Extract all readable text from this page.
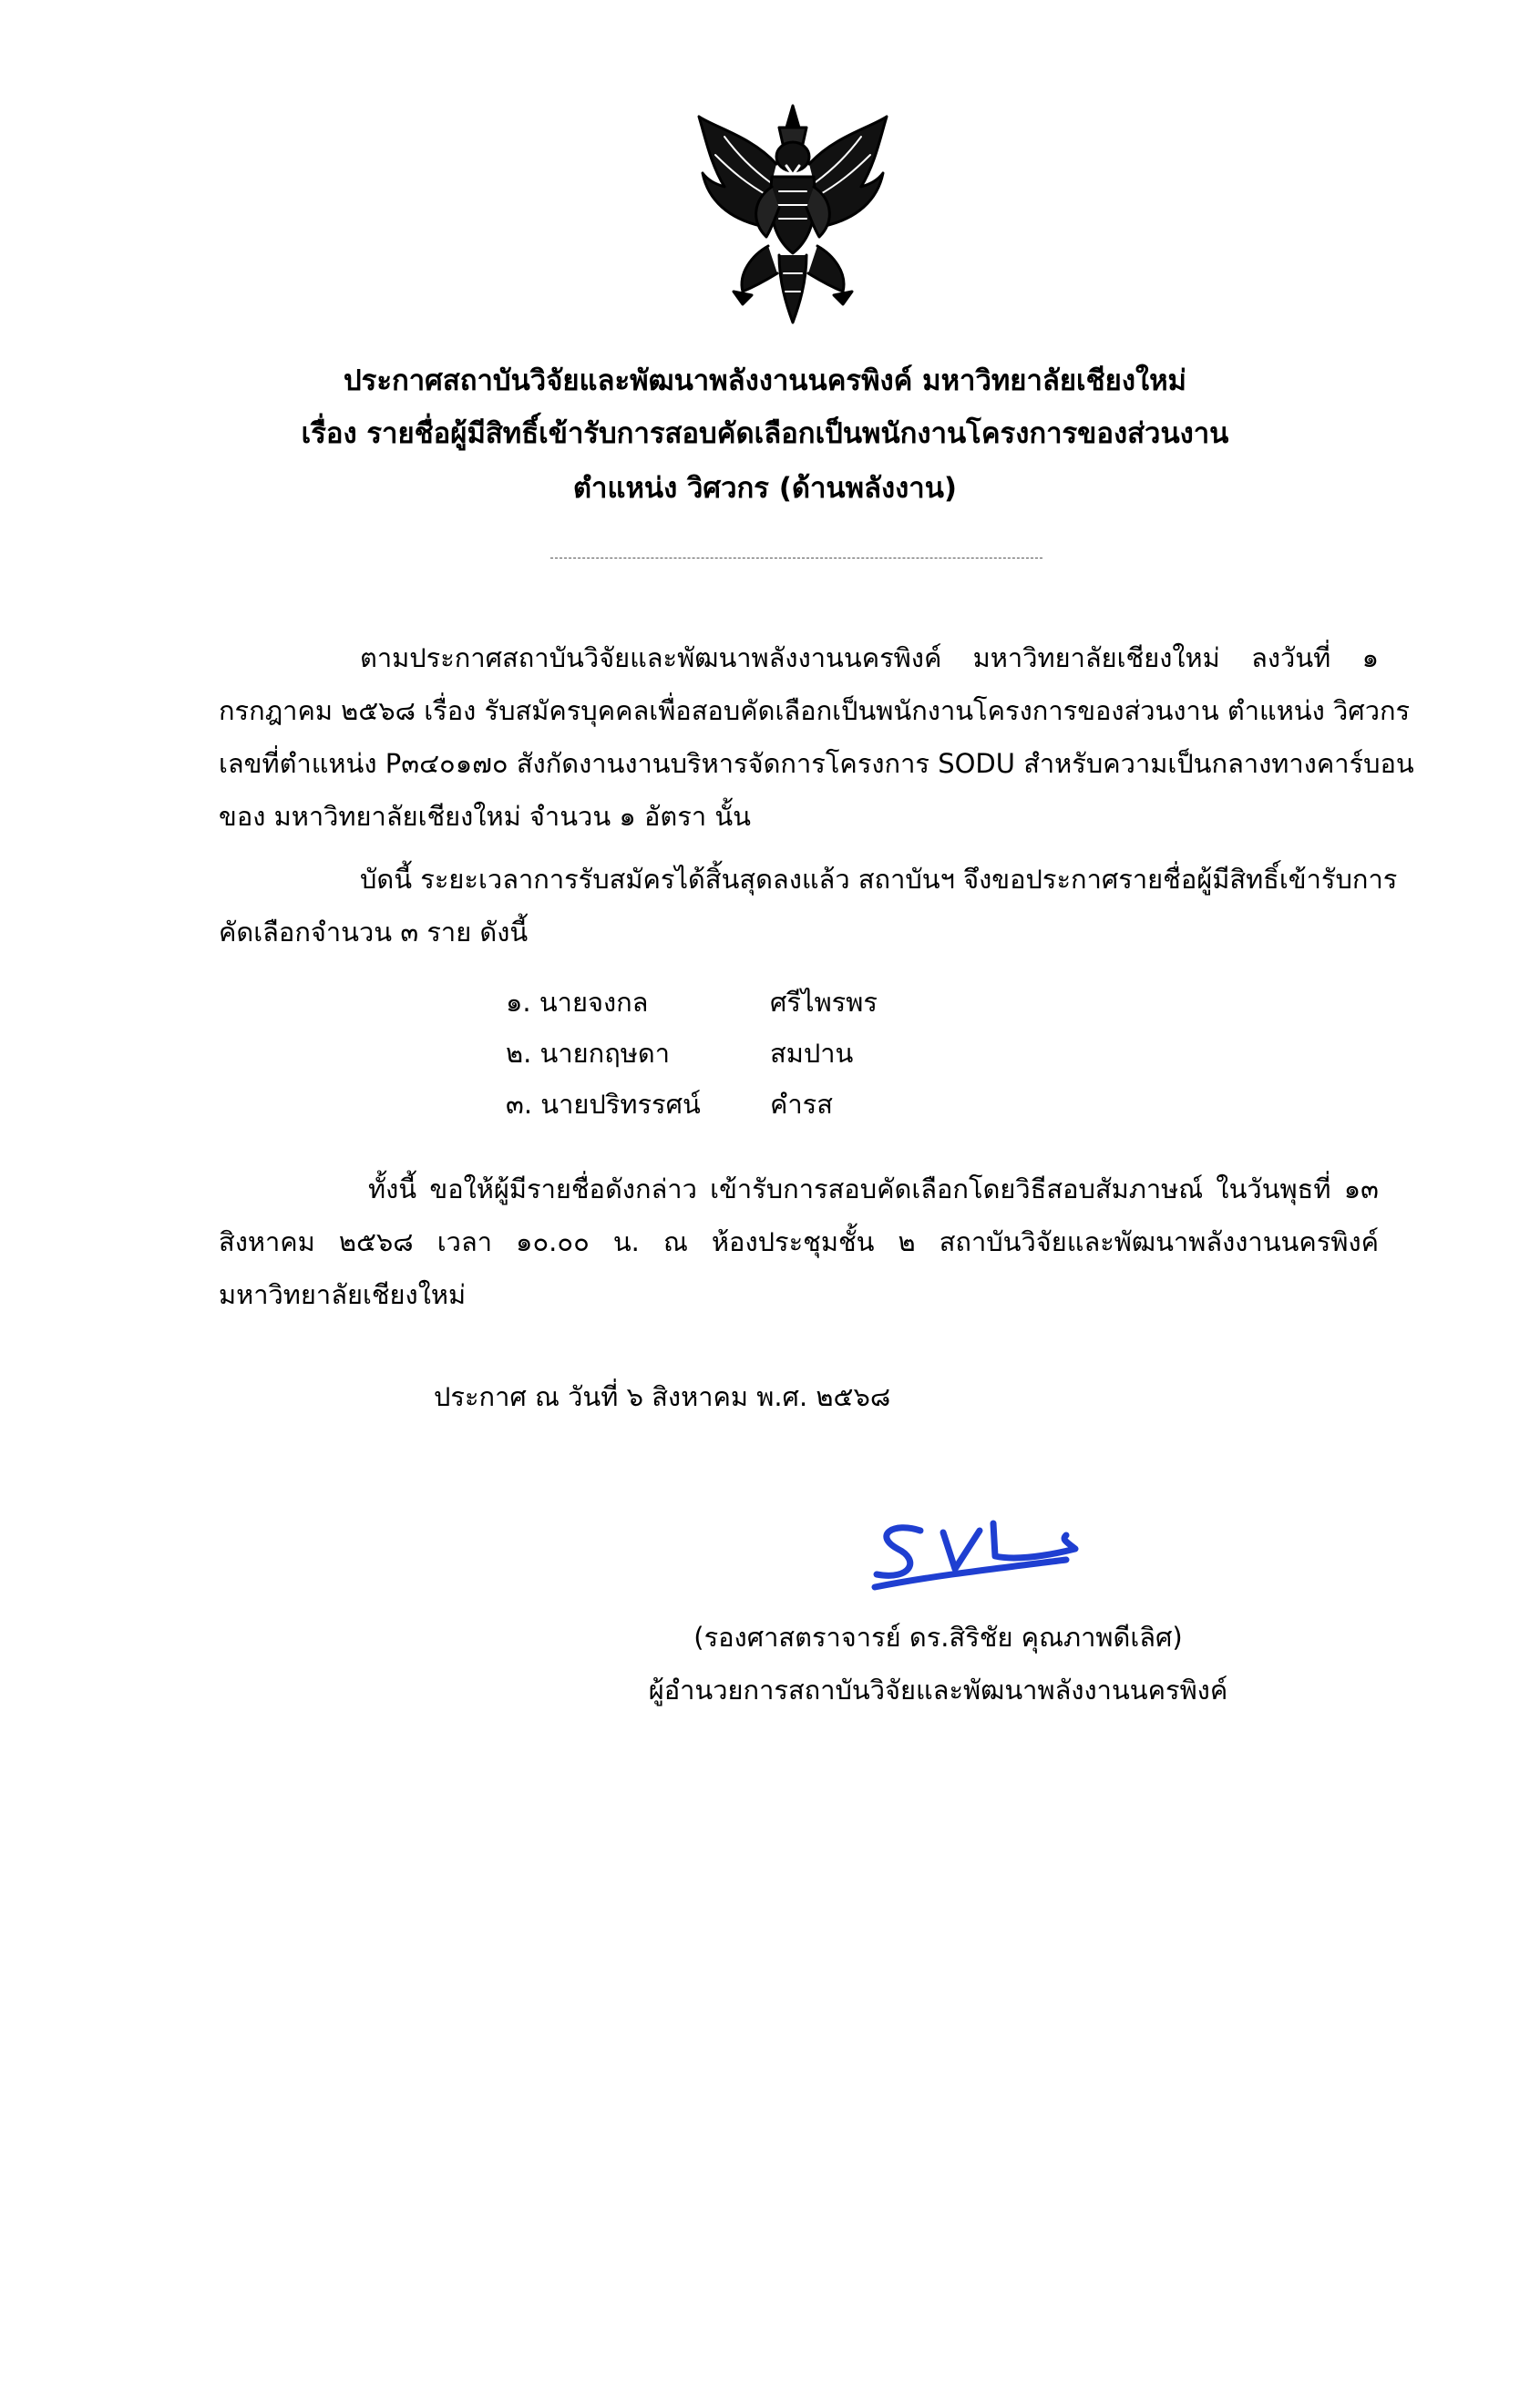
ประกาศสถาบันวิจัยและพัฒนาพลังงานนครพิงค์ มหาวิทยาลัยเชียงใหม่
เรื่อง รายชื่อผู้มีสิทธิ์เข้ารับการสอบคัดเลือกเป็นพนักงานโครงการของส่วนงาน
ตำแหน่ง วิศวกร (ด้านพลังงาน)
ตามประกาศสถาบันวิจัยและพัฒนาพลังงานนครพิงค์ มหาวิทยาลัยเชียงใหม่ ลงวันที่ ๑
กรกฎาคม ๒๕๖๘ เรื่อง รับสมัครบุคคลเพื่อสอบคัดเลือกเป็นพนักงานโครงการของส่วนงาน ตำแหน่ง วิศวกร
เลขที่ตำแหน่ง P๓๔๐๑๗๐ สังกัดงานงานบริหารจัดการโครงการ SODU สำหรับความเป็นกลางทางคาร์บอน
ของ มหาวิทยาลัยเชียงใหม่ จำนวน ๑ อัตรา นั้น
บัดนี้ ระยะเวลาการรับสมัครได้สิ้นสุดลงแล้ว สถาบันฯ จึงขอประกาศรายชื่อผู้มีสิทธิ์เข้ารับการ
คัดเลือกจำนวน ๓ ราย ดังนี้
๑. นายจงกล	ศรีไพรพร
๒. นายกฤษดา	สมปาน
๓. นายปริทรรศน์	คำรส
ทั้งนี้ ขอให้ผู้มีรายชื่อดังกล่าว เข้ารับการสอบคัดเลือกโดยวิธีสอบสัมภาษณ์ ในวันพุธที่ ๑๓
สิงหาคม ๒๕๖๘ เวลา ๑๐.๐๐ น. ณ ห้องประชุมชั้น ๒ สถาบันวิจัยและพัฒนาพลังงานนครพิงค์
มหาวิทยาลัยเชียงใหม่
ประกาศ ณ วันที่ ๖ สิงหาคม พ.ศ. ๒๕๖๘
(รองศาสตราจารย์ ดร.สิริชัย คุณภาพดีเลิศ)
ผู้อำนวยการสถาบันวิจัยและพัฒนาพลังงานนครพิงค์
